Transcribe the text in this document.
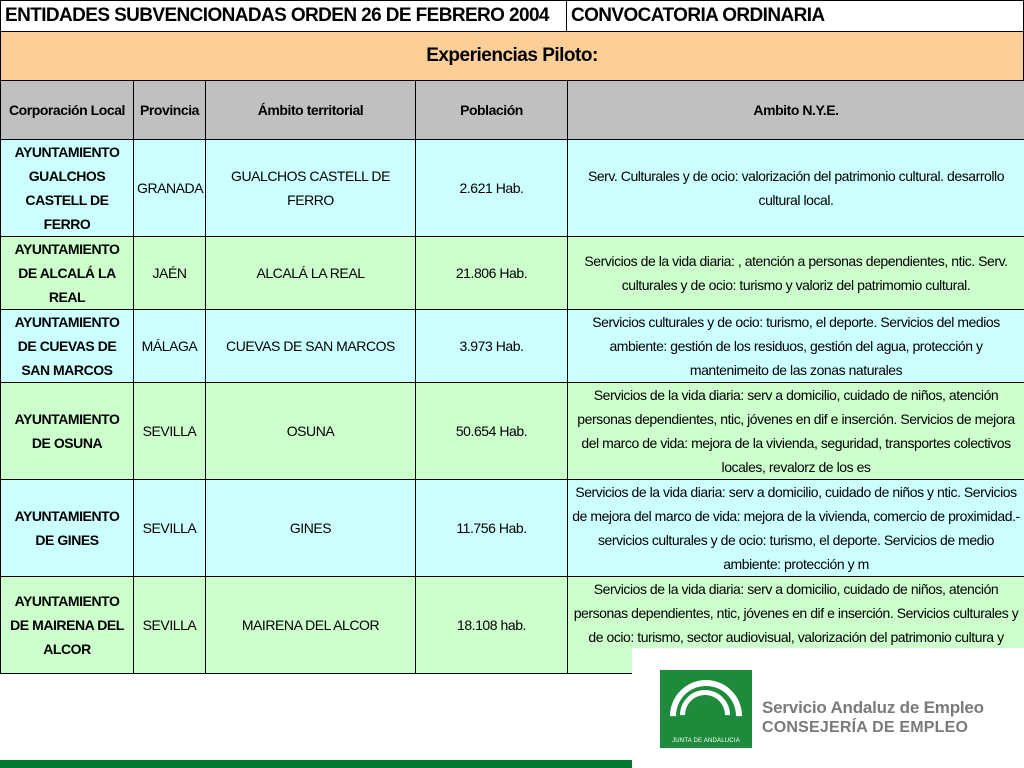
ENTIDADES SUBVENCIONADAS ORDEN 26 DE FEBRERO 2004	CONVOCATORIA ORDINARIA
Experiencias Piloto:
Corporación Local	Provincia	Ámbito territorial	Población	Ambito N.Y.E.
AYUNTAMIENTO GUALCHOS CASTELL DE FERRO	GRANADA	GUALCHOS CASTELL DE FERRO	2.621 Hab.	Serv. Culturales y de ocio: valorización del patrimonio cultural. desarrollo cultural local.
AYUNTAMIENTO DE ALCALÁ LA REAL	JAÉN	ALCALÁ LA REAL	21.806 Hab.	Servicios de la vida diaria: , atención a personas dependientes, ntic. Serv. culturales y de ocio: turismo y valoriz del patrimomio cultural.
AYUNTAMIENTO DE CUEVAS DE SAN MARCOS	MÁLAGA	CUEVAS DE SAN MARCOS	3.973 Hab.	Servicios culturales y de ocio: turismo, el deporte. Servicios del medios ambiente: gestión de los residuos, gestión del agua, protección y mantenimeito de las zonas naturales
AYUNTAMIENTO DE OSUNA	SEVILLA	OSUNA	50.654 Hab.	Servicios de la vida diaria: serv a domicilio, cuidado de niños, atención personas dependientes, ntic, jóvenes en dif e inserción. Servicios de mejora del marco de vida: mejora de la vivienda, seguridad, transportes colectivos locales, revalorz de los es
AYUNTAMIENTO DE GINES	SEVILLA	GINES	11.756 Hab.	Servicios de la vida diaria: serv a domicilio, cuidado de niños y ntic. Servicios de mejora del marco de vida: mejora de la vivienda, comercio de proximidad.- servicios culturales y de ocio: turismo, el deporte. Servicios de medio ambiente: protección y m
AYUNTAMIENTO DE MAIRENA DEL ALCOR	SEVILLA	MAIRENA DEL ALCOR	18.108 hab.	Servicios de la vida diaria: serv a domicilio, cuidado de niños, atención personas dependientes, ntic, jóvenes en dif e inserción. Servicios culturales y de ocio: turismo, sector audiovisual, valorización del patrimonio cultura y
JUNTA DE ANDALUCIA
Servicio Andaluz de Empleo
CONSEJERÍA DE EMPLEO
